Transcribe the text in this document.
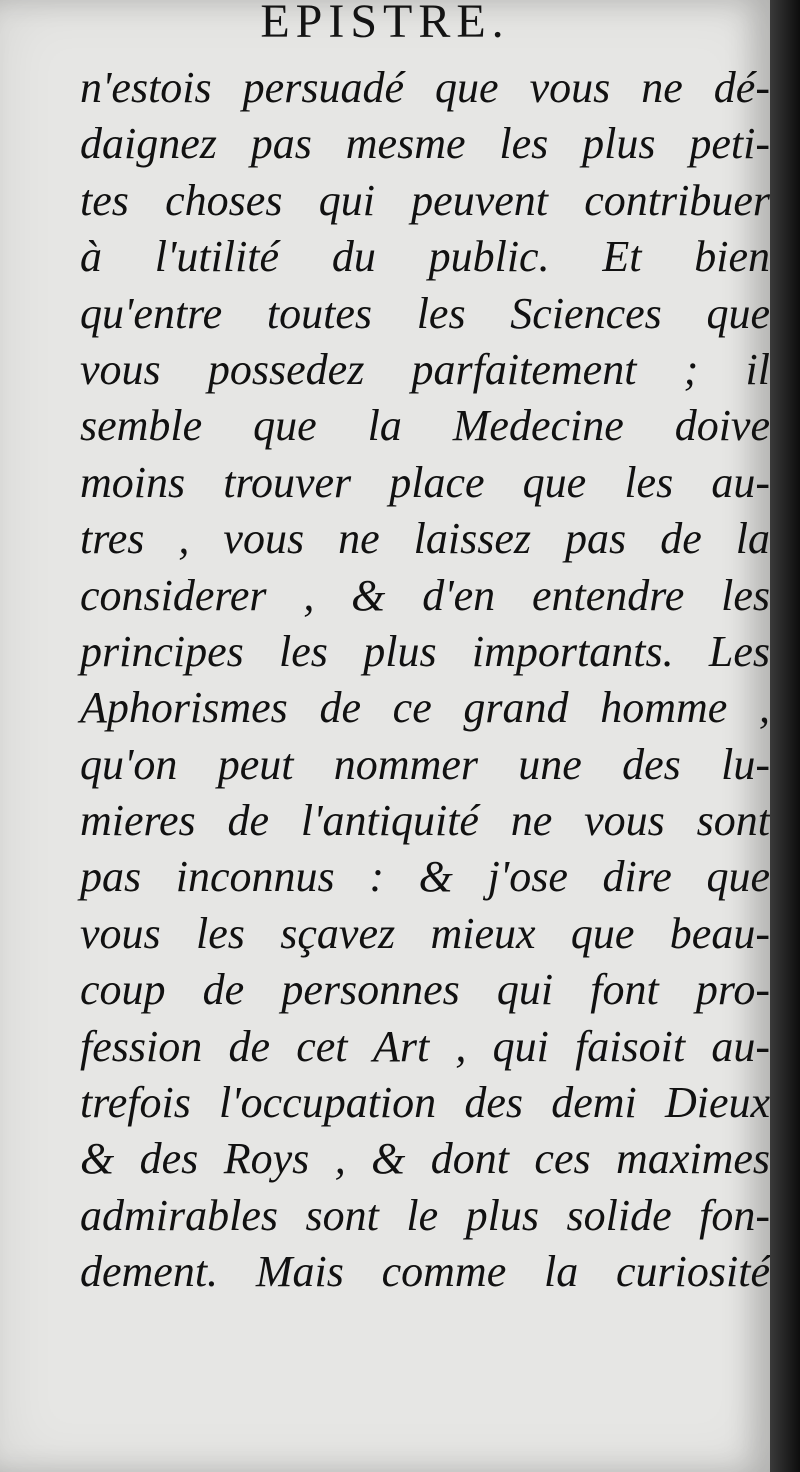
EPISTRE.
n'estois persuadé que vous ne dé-
daignez pas mesme les plus peti-
tes choses qui peuvent contribuer
à l'utilité du public. Et bien
qu'entre toutes les Sciences que
vous possedez parfaitement ; il
semble que la Medecine doive
moins trouver place que les au-
tres , vous ne laissez pas de la
considerer , & d'en entendre les
principes les plus importants. Les
Aphorismes de ce grand homme ,
qu'on peut nommer une des lu-
mieres de l'antiquité ne vous sont
pas inconnus : & j'ose dire que
vous les sçavez mieux que beau-
coup de personnes qui font pro-
fession de cet Art , qui faisoit au-
trefois l'occupation des demi Dieux
& des Roys , & dont ces maximes
admirables sont le plus solide fon-
dement. Mais comme la curiosité
